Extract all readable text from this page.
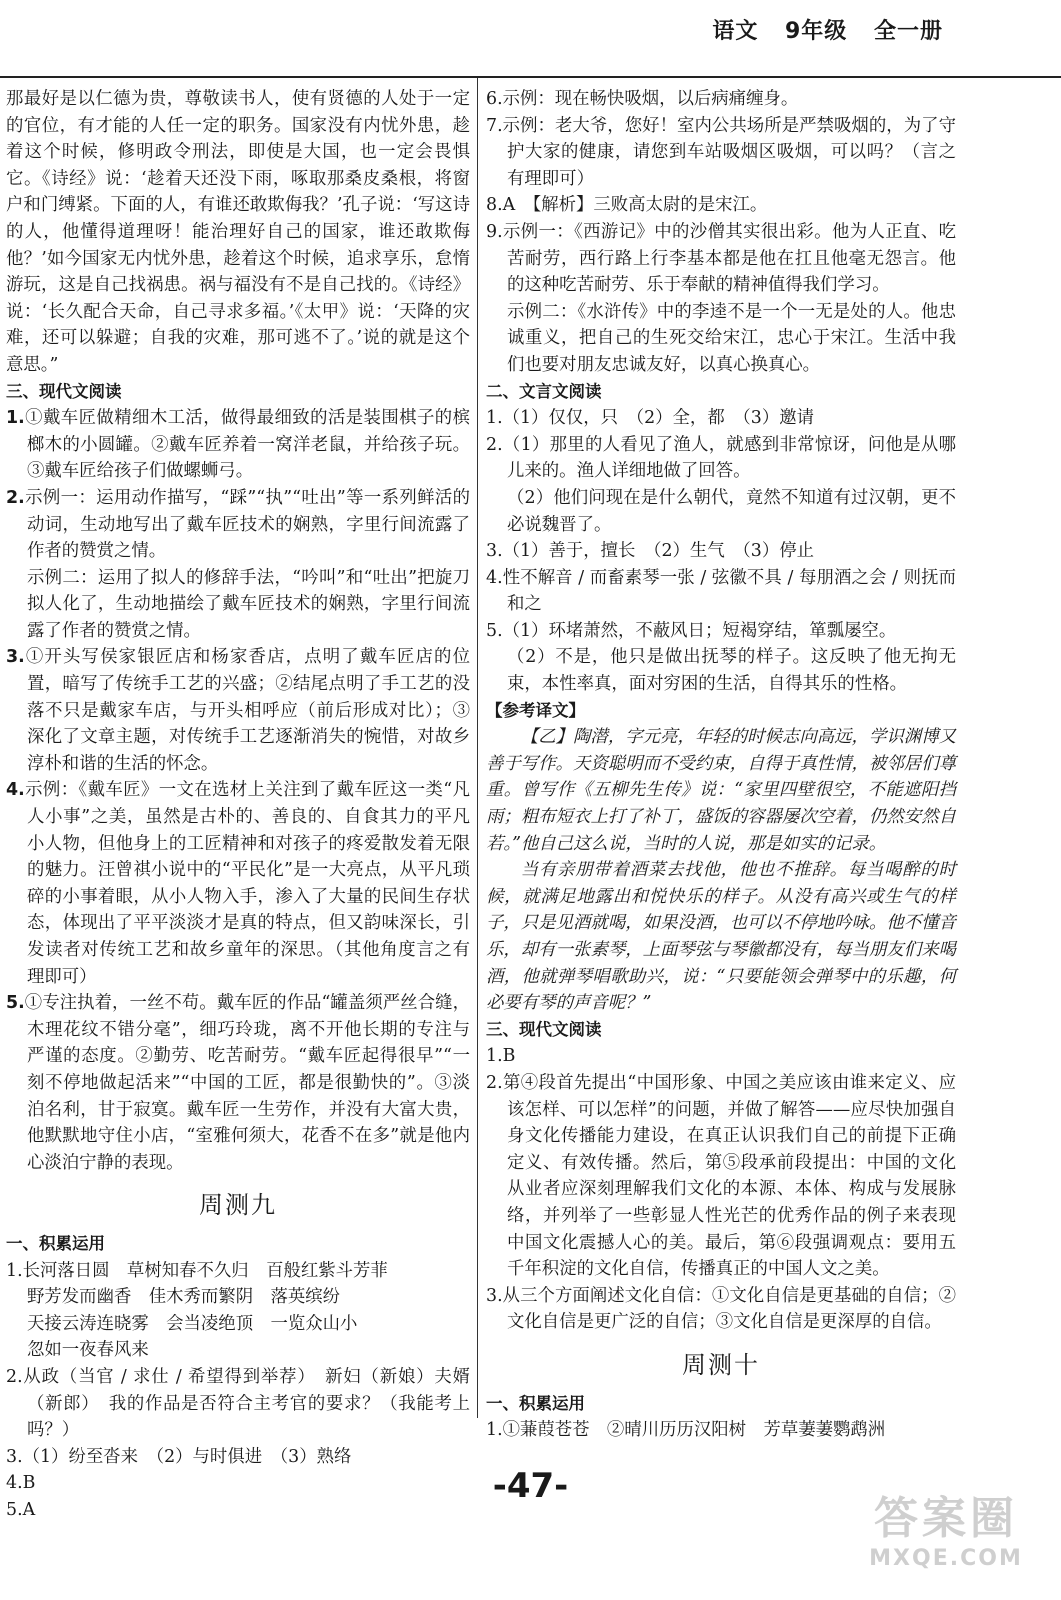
语文 9年级 全一册

那最好是以仁德为贵，尊敬读书人，使有贤德的人处于一定的官位，有才能的人任一定的职务。国家没有内忧外患，趁着这个时候，修明政令刑法，即使是大国，也一定会畏惧它。《诗经》说：‘趁着天还没下雨，啄取那桑皮桑根，将窗户和门缚紧。下面的人，有谁还敢欺侮我？’孔子说：‘写这诗的人，他懂得道理呀！能治理好自己的国家，谁还敢欺侮他？’如今国家无内忧外患，趁着这个时候，追求享乐，怠惰游玩，这是自己找祸患。祸与福没有不是自己找的。《诗经》说：‘长久配合天命，自己寻求多福。’《太甲》说：‘天降的灾难，还可以躲避；自我的灾难，那可逃不了。’说的就是这个意思。”

三、现代文阅读

1.①戴车匠做精细木工活，做得最细致的活是装围棋子的槟榔木的小圆罐。②戴车匠养着一窝洋老鼠，并给孩子玩。③戴车匠给孩子们做螺蛳弓。

2.示例一：运用动作描写，“踩”“执”“吐出”等一系列鲜活的动词，生动地写出了戴车匠技术的娴熟，字里行间流露了作者的赞赏之情。

示例二：运用了拟人的修辞手法，“吟叫”和“吐出”把旋刀拟人化了，生动地描绘了戴车匠技术的娴熟，字里行间流露了作者的赞赏之情。

3.①开头写侯家银匠店和杨家香店，点明了戴车匠店的位置，暗写了传统手工艺的兴盛；②结尾点明了手工艺的没落不只是戴家车店，与开头相呼应（前后形成对比）；③深化了文章主题，对传统手工艺逐渐消失的惋惜，对故乡淳朴和谐的生活的怀念。

4.示例：《戴车匠》一文在选材上关注到了戴车匠这一类“凡人小事”之美，虽然是古朴的、善良的、自食其力的平凡小人物，但他身上的工匠精神和对孩子的疼爱散发着无限的魅力。汪曾祺小说中的“平民化”是一大亮点，从平凡琐碎的小事着眼，从小人物入手，渗入了大量的民间生存状态，体现出了平平淡淡才是真的特点，但又韵味深长，引发读者对传统工艺和故乡童年的深思。（其他角度言之有理即可）

5.①专注执着，一丝不苟。戴车匠的作品“罐盖须严丝合缝，木理花纹不错分毫”，细巧玲珑，离不开他长期的专注与严谨的态度。②勤劳、吃苦耐劳。“戴车匠起得很早”“一刻不停地做起活来”“中国的工匠，都是很勤快的”。③淡泊名利，甘于寂寞。戴车匠一生劳作，并没有大富大贵，他默默地守住小店，“室雅何须大，花香不在多”就是他内心淡泊宁静的表现。

周测九

一、积累运用

1.长河落日圆　草树知春不久归　百般红紫斗芳菲

野芳发而幽香　佳木秀而繁阴　落英缤纷

天接云涛连晓雾　会当凌绝顶　一览众山小

忽如一夜春风来

2.从政（当官 / 求仕 / 希望得到举荐）　新妇（新娘）夫婿（新郎）　我的作品是否符合主考官的要求？（我能考上吗？）

3.（1）纷至沓来　（2）与时俱进　（3）熟络

4.B

5.A

6.示例：现在畅快吸烟，以后病痛缠身。

7.示例：老大爷，您好！室内公共场所是严禁吸烟的，为了守护大家的健康，请您到车站吸烟区吸烟，可以吗？（言之有理即可）

8.A　【解析】三败高太尉的是宋江。

9.示例一：《西游记》中的沙僧其实很出彩。他为人正直、吃苦耐劳，西行路上行李基本都是他在扛且他毫无怨言。他的这种吃苦耐劳、乐于奉献的精神值得我们学习。

示例二：《水浒传》中的李逵不是一个一无是处的人。他忠诚重义，把自己的生死交给宋江，忠心于宋江。生活中我们也要对朋友忠诚友好，以真心换真心。

二、文言文阅读

1.（1）仅仅，只　（2）全，都　（3）邀请

2.（1）那里的人看见了渔人，就感到非常惊讶，问他是从哪儿来的。渔人详细地做了回答。

（2）他们问现在是什么朝代，竟然不知道有过汉朝，更不必说魏晋了。

3.（1）善于，擅长　（2）生气　（3）停止

4.性不解音 / 而畜素琴一张 / 弦徽不具 / 每朋酒之会 / 则抚而和之

5.（1）环堵萧然，不蔽风日；短褐穿结，箪瓢屡空。

（2）不是，他只是做出抚琴的样子。这反映了他无拘无束，本性率真，面对穷困的生活，自得其乐的性格。

【参考译文】

【乙】陶潜，字元亮，年轻的时候志向高远，学识渊博又善于写作。天资聪明而不受约束，自得于真性情，被邻居们尊重。曾写作《五柳先生传》说：“家里四壁很空，不能遮阳挡雨；粗布短衣上打了补丁，盛饭的容器屡次空着，仍然安然自若。”他自己这么说，当时的人说，那是如实的记录。

当有亲朋带着酒菜去找他，他也不推辞。每当喝醉的时候，就满足地露出和悦快乐的样子。从没有高兴或生气的样子，只是见酒就喝，如果没酒，也可以不停地吟咏。他不懂音乐，却有一张素琴，上面琴弦与琴徽都没有，每当朋友们来喝酒，他就弹琴唱歌助兴，说：“只要能领会弹琴中的乐趣，何必要有琴的声音呢？”

三、现代文阅读

1.B

2.第④段首先提出“中国形象、中国之美应该由谁来定义、应该怎样、可以怎样”的问题，并做了解答——应尽快加强自身文化传播能力建设，在真正认识我们自己的前提下正确定义、有效传播。然后，第⑤段承前段提出：中国的文化从业者应深刻理解我们文化的本源、本体、构成与发展脉络，并列举了一些彰显人性光芒的优秀作品的例子来表现中国文化震撼人心的美。最后，第⑥段强调观点：要用五千年积淀的文化自信，传播真正的中国人文之美。

3.从三个方面阐述文化自信：①文化自信是更基础的自信；②文化自信是更广泛的自信；③文化自信是更深厚的自信。

周测十

一、积累运用

1.①蒹葭苍苍　②晴川历历汉阳树　芳草萋萋鹦鹉洲

-47-
答案圈
MXQE.COM
